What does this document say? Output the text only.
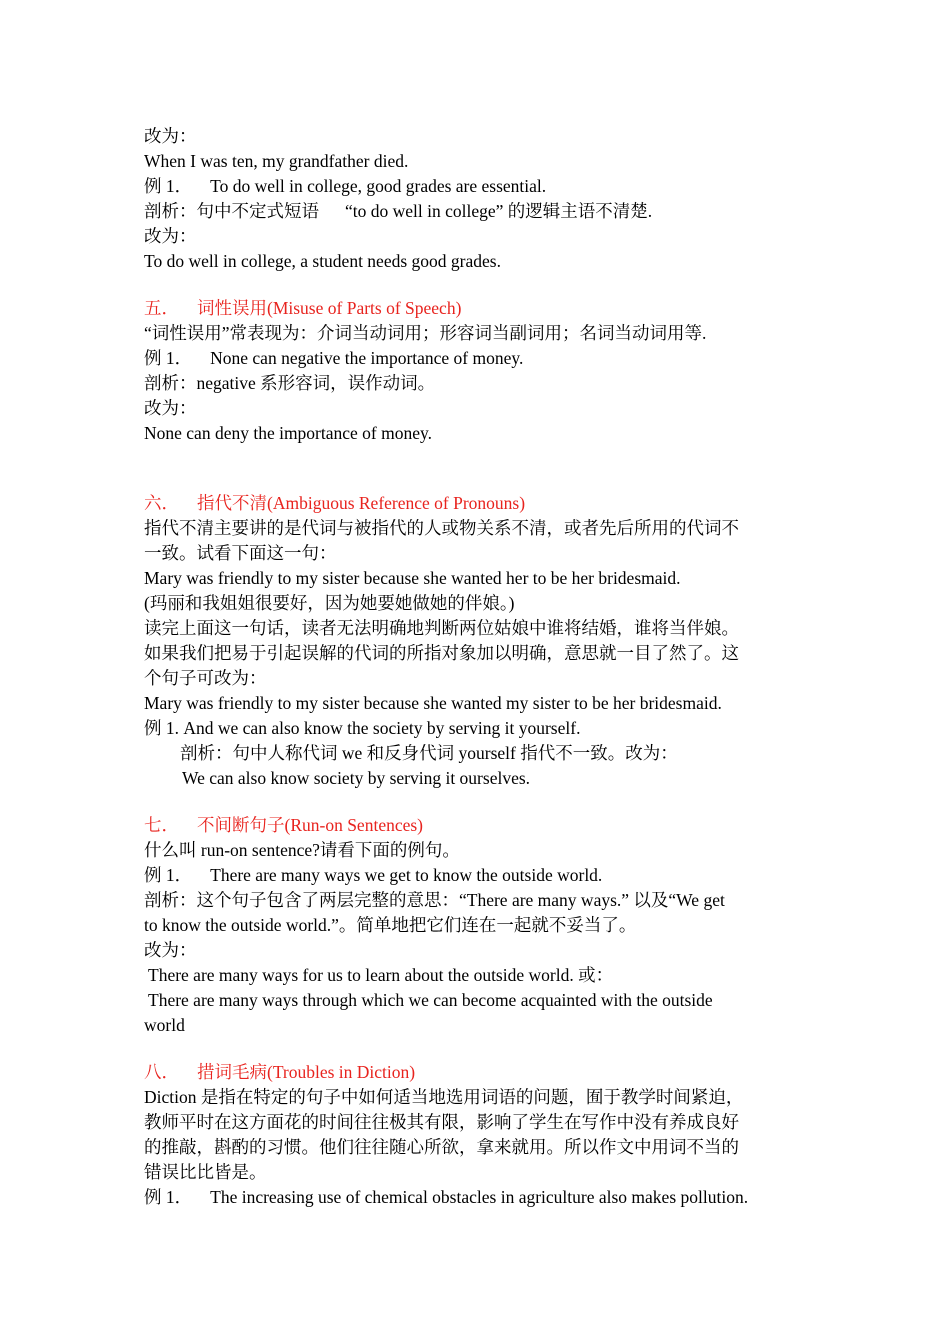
改为：
When I was ten, my grandfather died.
例 1． To do well in college, good grades are essential.
剖析：句中不定式短语 “to do well in college” 的逻辑主语不清楚.
改为：
To do well in college, a student needs good grades.
五． 词性误用(Misuse of Parts of Speech)
“词性误用”常表现为：介词当动词用；形容词当副词用；名词当动词用等.
例 1． None can negative the importance of money.
剖析：negative 系形容词，误作动词。
改为：
None can deny the importance of money.
六． 指代不清(Ambiguous Reference of Pronouns)
指代不清主要讲的是代词与被指代的人或物关系不清，或者先后所用的代词不
一致。试看下面这一句：
Mary was friendly to my sister because she wanted her to be her bridesmaid.
(玛丽和我姐姐很要好，因为她要她做她的伴娘。)
读完上面这一句话，读者无法明确地判断两位姑娘中谁将结婚，谁将当伴娘。
如果我们把易于引起误解的代词的所指对象加以明确，意思就一目了然了。这
个句子可改为：
Mary was friendly to my sister because she wanted my sister to be her bridesmaid.
例 1. And we can also know the society by serving it yourself.
剖析：句中人称代词 we 和反身代词 yourself 指代不一致。改为：
We can also know society by serving it ourselves.
七． 不间断句子(Run-on Sentences)
什么叫 run-on sentence?请看下面的例句。
例 1． There are many ways we get to know the outside world.
剖析：这个句子包含了两层完整的意思：“There are many ways.” 以及“We get
to know the outside world.”。简单地把它们连在一起就不妥当了。
改为：
There are many ways for us to learn about the outside world. 或：
There are many ways through which we can become acquainted with the outside
world
八． 措词毛病(Troubles in Diction)
Diction 是指在特定的句子中如何适当地选用词语的问题，囿于教学时间紧迫，
教师平时在这方面花的时间往往极其有限，影响了学生在写作中没有养成良好
的推敲，斟酌的习惯。他们往往随心所欲，拿来就用。所以作文中用词不当的
错误比比皆是。
例 1． The increasing use of chemical obstacles in agriculture also makes pollution.
